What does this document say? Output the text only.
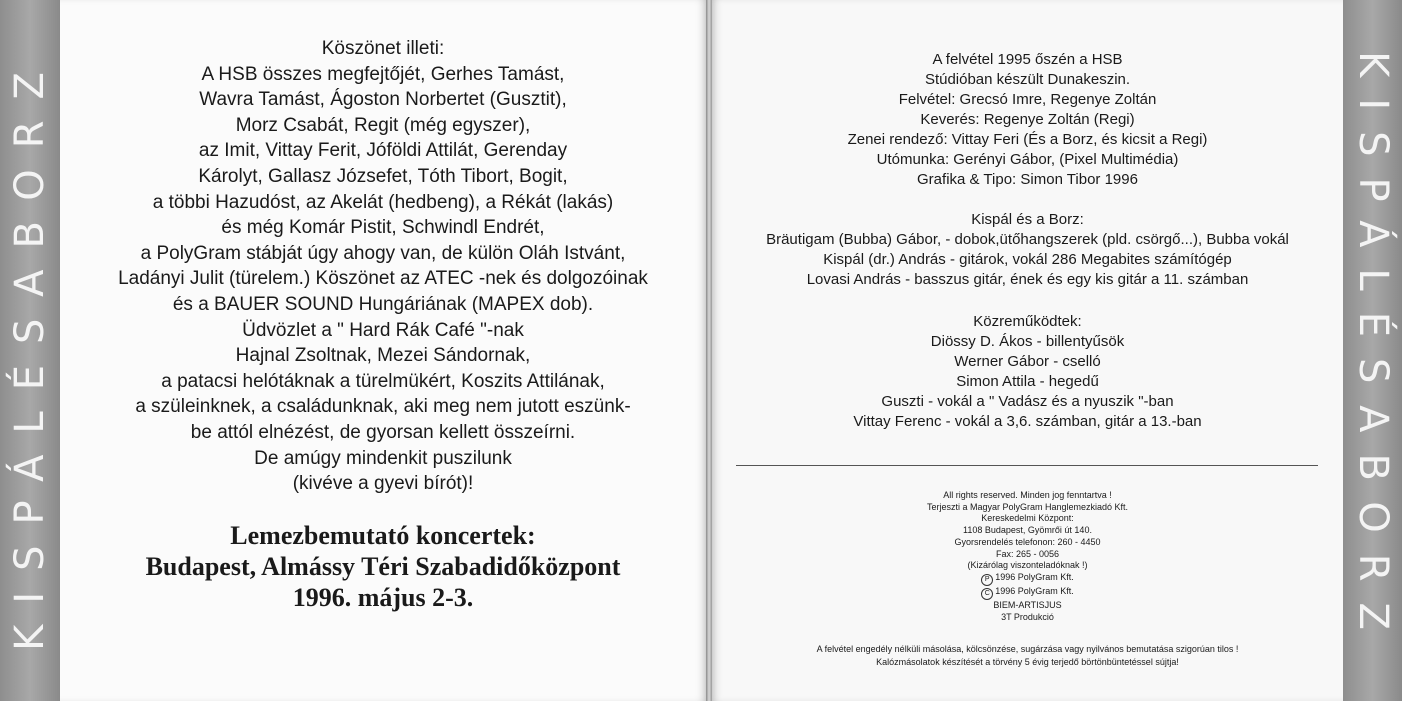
KISPÁLÉSABORZ
Köszönet illeti:
A HSB összes megfejtőjét, Gerhes Tamást,
Wavra Tamást, Ágoston Norbertet (Gusztit),
Morz Csabát, Regit (még egyszer),
az Imit, Vittay Ferit, Jóföldi Attilát, Gerenday
Károlyt, Gallasz Józsefet, Tóth Tibort, Bogit,
a többi Hazudóst, az Akelát (hedbeng), a Rékát (lakás)
és még Komár Pistit, Schwindl Endrét,
a PolyGram stábját úgy ahogy van, de külön Oláh Istvánt,
Ladányi Julit (türelem.) Köszönet az ATEC -nek és dolgozóinak
és a BAUER SOUND Hungáriának (MAPEX dob).
Üdvözlet a " Hard Rák Café "-nak
Hajnal Zsoltnak, Mezei Sándornak,
a patacsi helótáknak a türelmükért, Koszits Attilának,
a szüleinknek, a családunknak, aki meg nem jutott eszünk-
be attól elnézést, de gyorsan kellett összeírni.
De amúgy mindenkit puszilunk
(kivéve a gyevi bírót)!
Lemezbemutató koncertek:
Budapest, Almássy Téri Szabadidőközpont
1996. május 2-3.
A felvétel 1995 őszén a HSB
Stúdióban készült Dunakeszin.
Felvétel: Grecsó Imre, Regenye Zoltán
Keverés: Regenye Zoltán (Regi)
Zenei rendező: Vittay Feri (És a Borz, és kicsit a Regi)
Utómunka: Gerényi Gábor, (Pixel Multimédia)
Grafika & Tipo: Simon Tibor 1996
Kispál és a Borz:
Bräutigam (Bubba) Gábor, - dobok,ütőhangszerek (pld. csörgő...), Bubba vokál
Kispál (dr.) András - gitárok, vokál 286 Megabites számítógép
Lovasi András - basszus gitár, ének és egy kis gitár a 11. számban
Közreműködtek:
Diössy D. Ákos - billentyűsök
Werner Gábor - cselló
Simon Attila - hegedű
Guszti - vokál a " Vadász és a nyuszik "-ban
Vittay Ferenc - vokál a 3,6. számban, gitár a 13.-ban
All rights reserved. Minden jog fenntartva !
Terjeszti a Magyar PolyGram Hanglemezkiadó Kft.
Kereskedelmi Központ:
1108 Budapest, Gyömrői út 140.
Gyorsrendelés telefonon: 260 - 4450
Fax: 265 - 0056
(Kizárólag viszonteladóknak !)
P 1996 PolyGram Kft.
C 1996 PolyGram Kft.
BIEM-ARTISJUS
3T Produkció
A felvétel engedély nélküli másolása, kölcsönzése, sugárzása vagy nyilvános bemutatása szigorúan tilos !
Kalózmásolatok készítését a törvény 5 évig terjedő börtönbüntetéssel sújtja!
KISPÁLÉSABORZ
